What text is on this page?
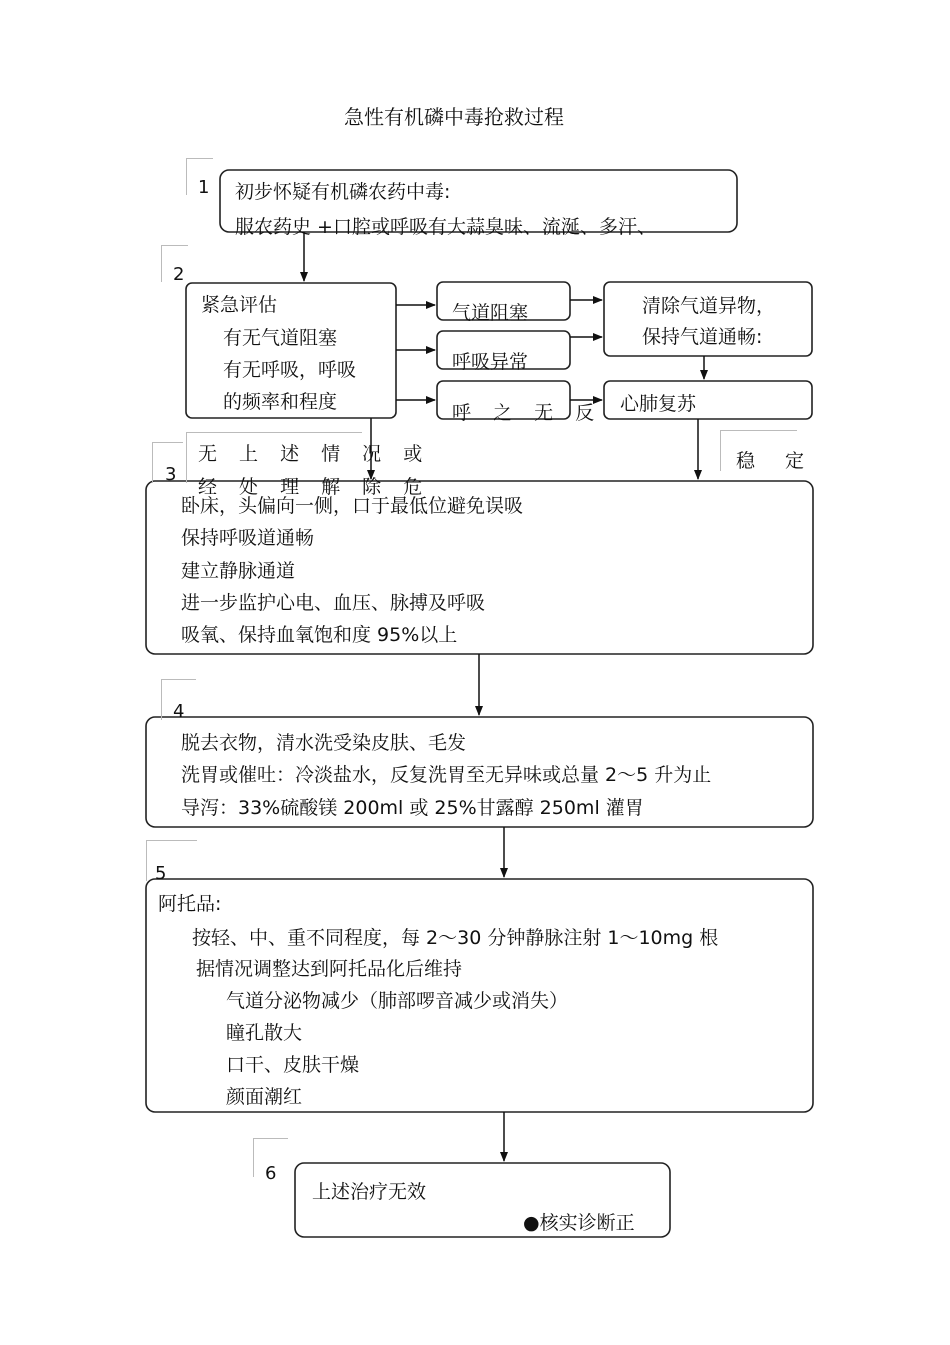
急性有机磷中毒抢救过程
1
2
3
4
5
6
初步怀疑有机磷农药中毒:
服农药史 +口腔或呼吸有大蒜臭味、流涎、多汗、
紧急评估
有无气道阻塞
有无呼吸，呼吸
的频率和程度
气道阻塞
呼吸异常
呼 之 无 反
清除气道异物，
保持气道通畅:
心肺复苏
无 上 述 情 况 或
经 处 理 解 除 危
稳 定
卧床，头偏向一侧，口于最低位避免误吸
保持呼吸道通畅
建立静脉通道
进一步监护心电、血压、脉搏及呼吸
吸氧、保持血氧饱和度 95%以上
脱去衣物，清水洗受染皮肤、毛发
洗胃或催吐：冷淡盐水，反复洗胃至无异味或总量 2～5 升为止
导泻：33%硫酸镁 200ml 或 25%甘露醇 250ml 灌胃
阿托品:
按轻、中、重不同程度，每 2～30 分钟静脉注射 1～10mg 根
据情况调整达到阿托品化后维持
气道分泌物减少（肺部啰音减少或消失）
瞳孔散大
口干、皮肤干燥
颜面潮红
上述治疗无效
●核实诊断正
